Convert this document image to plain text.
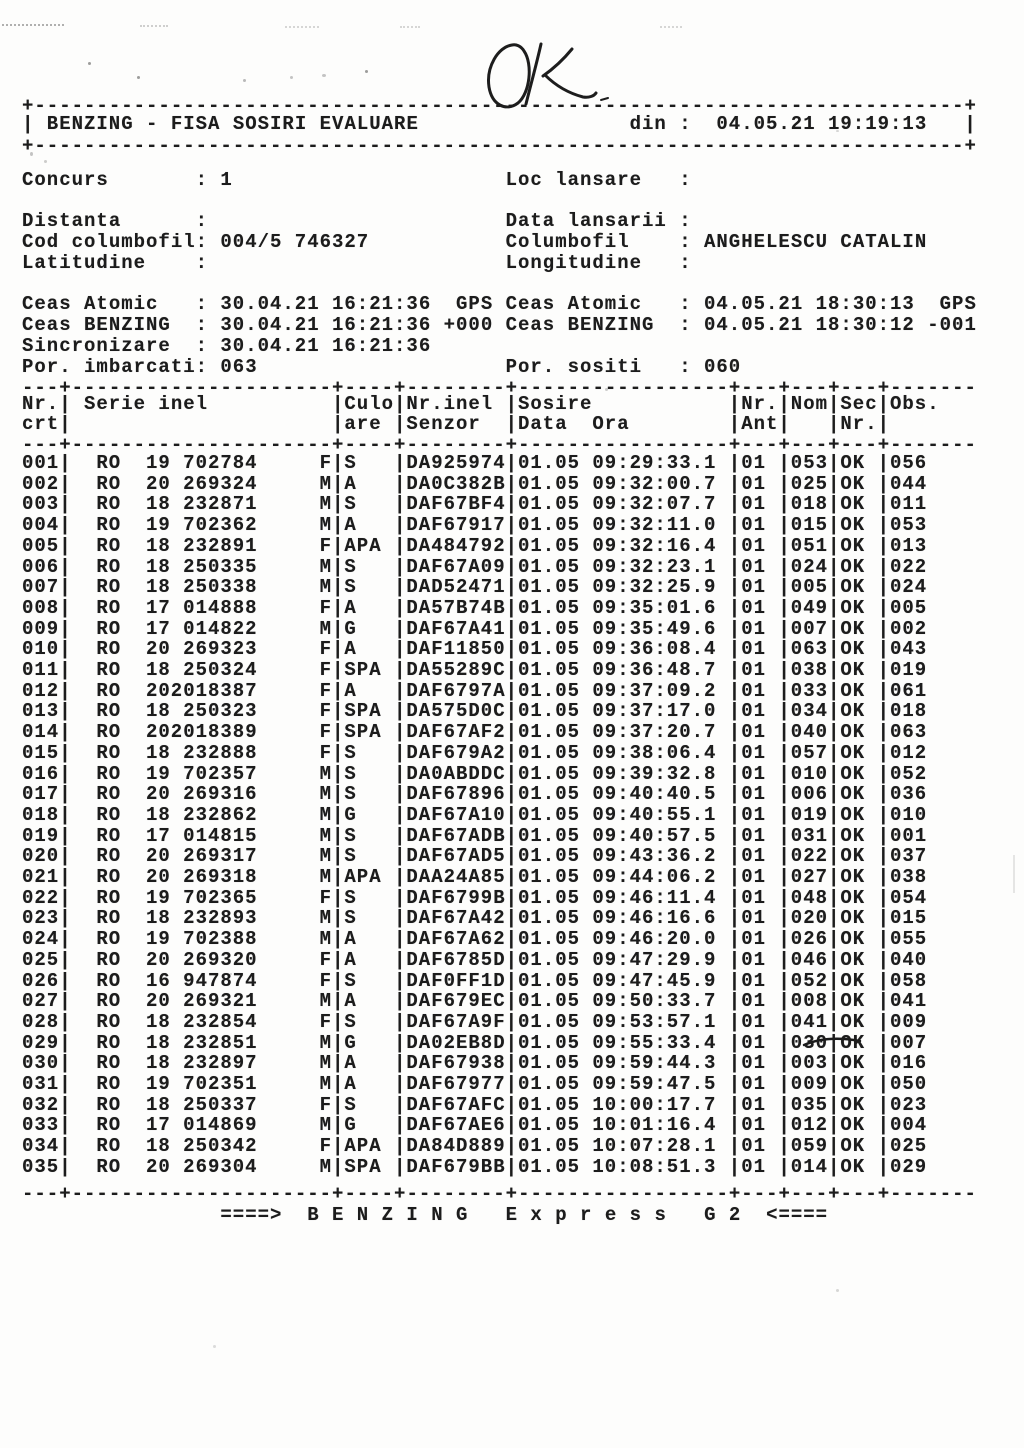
+---------------------------------------------------------------------------+
| BENZING - FISA SOSIRI EVALUARE	din : 04.05.21 19:19:13 |
+---------------------------------------------------------------------------+
Concurs	: 1	Loc lansare :
Distanta	:	Data lansarii :
Cod columbofil : 004/5 746327	Columbofil	: ANGHELESCU CATALIN
Latitudine	:	Longitudine :
Ceas Atomic : 30.04.21 16:21:36  GPS Ceas Atomic : 04.05.21 18:30:13  GPS
Ceas BENZING : 30.04.21 16:21:36 +000 Ceas BENZING : 04.05.21 18:30:12 -001
Sincronizare : 30.04.21 16:21:36
Por. imbarcati : 063	Por. sositi : 060
---+---------------------+----+--------+-----------------+---+---+---+-------
---+---------------------+----+--------+-----------------+---+---+---+-------
---+---------------------+----+--------+-----------------+---+---+---+-------
|	|	|	|	| | | |
Nr. Serie inel	Culo Nr.inel Sosire	Nr. Nom Sec Obs.
|	|	|	|	| | | |
crt	are Senzor Data Ora	Ant	Nr.
|	|	|	|	| | | |
001 RO 19 702784	F S	DA925974 01.05 09:29:33.1 01 053 OK 056
|	|	|	|	| | | |
002 RO 20 269324	M A	DA0C382B 01.05 09:32:00.7 01 025 OK 044
|	|	|	|	| | | |
003 RO 18 232871	M S	DAF67BF4 01.05 09:32:07.7 01 018 OK 011
|	|	|	|	| | | |
004 RO 19 702362	M A	DAF67917 01.05 09:32:11.0 01 015 OK 053
|	|	|	|	| | | |
005 RO 18 232891	F APA DA484792 01.05 09:32:16.4 01 051 OK 013
|	|	|	|	| | | |
006 RO 18 250335	M S	DAF67A09 01.05 09:32:23.1 01 024 OK 022
|	|	|	|	| | | |
007 RO 18 250338	M S	DAD52471 01.05 09:32:25.9 01 005 OK 024
|	|	|	|	| | | |
008 RO 17 014888	F A	DA57B74B 01.05 09:35:01.6 01 049 OK 005
|	|	|	|	| | | |
009 RO 17 014822	M G	DAF67A41 01.05 09:35:49.6 01 007 OK 002
|	|	|	|	| | | |
010 RO 20 269323	F A	DAF11850 01.05 09:36:08.4 01 063 OK 043
|	|	|	|	| | | |
011 RO 18 250324	F SPA DA55289C 01.05 09:36:48.7 01 038 OK 019
|	|	|	|	| | | |
012 RO 20 2018387	F A	DAF6797A 01.05 09:37:09.2 01 033 OK 061
|	|	|	|	| | | |
013 RO 18 250323	F SPA DA575D0C 01.05 09:37:17.0 01 034 OK 018
|	|	|	|	| | | |
014 RO 20 2018389	F SPA DAF67AF2 01.05 09:37:20.7 01 040 OK 063
|	|	|	|	| | | |
015 RO 18 232888	F S	DAF679A2 01.05 09:38:06.4 01 057 OK 012
|	|	|	|	| | | |
016 RO 19 702357	M S	DA0ABDDC 01.05 09:39:32.8 01 010 OK 052
|	|	|	|	| | | |
017 RO 20 269316	M S	DAF67896 01.05 09:40:40.5 01 006 OK 036
|	|	|	|	| | | |
018 RO 18 232862	M G	DAF67A10 01.05 09:40:55.1 01 019 OK 010
|	|	|	|	| | | |
019 RO 17 014815	M S	DAF67ADB 01.05 09:40:57.5 01 031 OK 001
|	|	|	|	| | | |
020 RO 20 269317	M S	DAF67AD5 01.05 09:43:36.2 01 022 OK 037
|	|	|	|	| | | |
021 RO 20 269318	M APA DAA24A85 01.05 09:44:06.2 01 027 OK 038
|	|	|	|	| | | |
022 RO 19 702365	F S	DAF6799B 01.05 09:46:11.4 01 048 OK 054
|	|	|	|	| | | |
023 RO 18 232893	M S	DAF67A42 01.05 09:46:16.6 01 020 OK 015
|	|	|	|	| | | |
024 RO 19 702388	M A	DAF67A62 01.05 09:46:20.0 01 026 OK 055
|	|	|	|	| | | |
025 RO 20 269320	F A	DAF6785D 01.05 09:47:29.9 01 046 OK 040
|	|	|	|	| | | |
026 RO 16 947874	F S	DAF0FF1D 01.05 09:47:45.9 01 052 OK 058
|	|	|	|	| | | |
027 RO 20 269321	M A	DAF679EC 01.05 09:50:33.7 01 008 OK 041
|	|	|	|	| | | |
028 RO 18 232854	F S	DAF67A9F 01.05 09:53:57.1 01 041 OK 009
|	|	|	|	| | | |
029 RO 18 232851	M G	DA02EB8D 01.05 09:55:33.4 01 030 OK 007
|	|	|	|	| | | |
030 RO 18 232897	M A	DAF67938 01.05 09:59:44.3 01 003 OK 016
|	|	|	|	| | | |
031 RO 19 702351	M A	DAF67977 01.05 09:59:47.5 01 009 OK 050
|	|	|	|	| | | |
032 RO 18 250337	F S	DAF67AFC 01.05 10:00:17.7 01 035 OK 023
|	|	|	|	| | | |
033 RO 17 014869	M G	DAF67AE6 01.05 10:01:16.4 01 012 OK 004
|	|	|	|	| | | |
034 RO 18 250342	F APA DA84D889 01.05 10:07:28.1 01 059 OK 025
|	|	|	|	| | | |
035 RO 20 269304	M SPA DAF679BB 01.05 10:08:51.3 01 014 OK 029
====>  B E N Z I N G   E x p r e s s   G 2  <====
